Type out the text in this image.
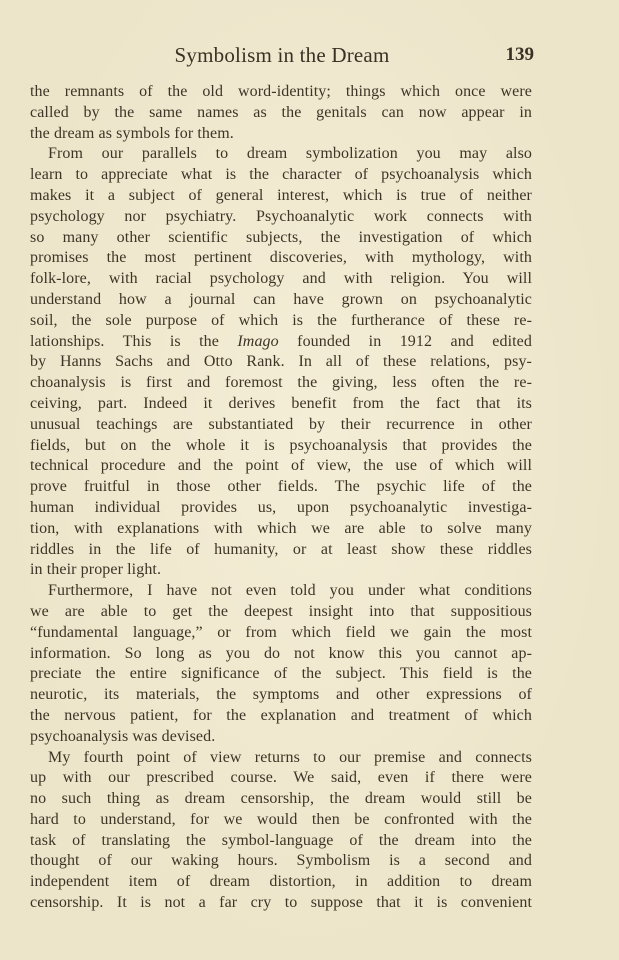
Symbolism in the Dream	139
the remnants of the old word-identity; things which once were
called by the same names as the genitals can now appear in
the dream as symbols for them.
From our parallels to dream symbolization you may also
learn to appreciate what is the character of psychoanalysis which
makes it a subject of general interest, which is true of neither
psychology nor psychiatry. Psychoanalytic work connects with
so many other scientific subjects, the investigation of which
promises the most pertinent discoveries, with mythology, with
folk-lore, with racial psychology and with religion. You will
understand how a journal can have grown on psychoanalytic
soil, the sole purpose of which is the furtherance of these re-
lationships. This is the Imago founded in 1912 and edited
by Hanns Sachs and Otto Rank. In all of these relations, psy-
choanalysis is first and foremost the giving, less often the re-
ceiving, part. Indeed it derives benefit from the fact that its
unusual teachings are substantiated by their recurrence in other
fields, but on the whole it is psychoanalysis that provides the
technical procedure and the point of view, the use of which will
prove fruitful in those other fields. The psychic life of the
human individual provides us, upon psychoanalytic investiga-
tion, with explanations with which we are able to solve many
riddles in the life of humanity, or at least show these riddles
in their proper light.
Furthermore, I have not even told you under what conditions
we are able to get the deepest insight into that suppositious
“fundamental language,” or from which field we gain the most
information. So long as you do not know this you cannot ap-
preciate the entire significance of the subject. This field is the
neurotic, its materials, the symptoms and other expressions of
the nervous patient, for the explanation and treatment of which
psychoanalysis was devised.
My fourth point of view returns to our premise and connects
up with our prescribed course. We said, even if there were
no such thing as dream censorship, the dream would still be
hard to understand, for we would then be confronted with the
task of translating the symbol-language of the dream into the
thought of our waking hours. Symbolism is a second and
independent item of dream distortion, in addition to dream
censorship. It is not a far cry to suppose that it is convenient
